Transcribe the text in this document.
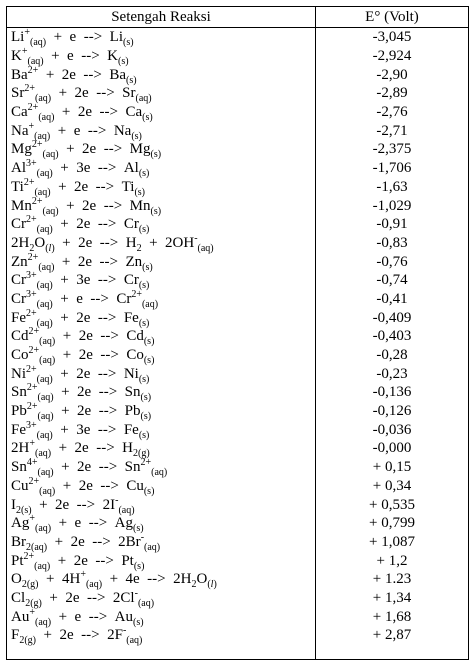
Setengah Reaksi	E° (Volt)
$Li^+_{(aq)} + e$  -->  $Li_{(s)}$	-3,045
$K^+_{(aq)} + e$  -->  $K_{(s)}$	-2,924
$Ba^{2+} + 2e$  -->  $Ba_{(s)}$	-2,90
$Sr^{2+}_{(aq)} + 2e$  -->  $Sr_{(aq)}$	-2,89
$Ca^{2+}_{(aq)} + 2e$  -->  $Ca_{(s)}$	-2,76
$Na^+_{(aq)} + e$  -->  $Na_{(s)}$	-2,71
$Mg^{2+}_{(aq)} + 2e$  -->  $Mg_{(s)}$	-2,375
$Al^{3+}_{(aq)} + 3e$  -->  $Al_{(s)}$	-1,706
$Ti^{2+}_{(aq)} + 2e$  -->  $Ti_{(s)}$	-1,63
$Mn^{2+}_{(aq)} + 2e$  -->  $Mn_{(s)}$	-1,029
$Cr^{2+}_{(aq)} + 2e$  -->  $Cr_{(s)}$	-0,91
$2H_2O_{(l)} + 2e$  -->  $H_2 + 2OH^-_{(aq)}$	-0,83
$Zn^{2+}_{(aq)} + 2e$  -->  $Zn_{(s)}$	-0,76
$Cr^{3+}_{(aq)} + 3e$  -->  $Cr_{(s)}$	-0,74
$Cr^{3+}_{(aq)} + e$  -->  $Cr^{2+}_{(aq)}$	-0,41
$Fe^{2+}_{(aq)} + 2e$  -->  $Fe_{(s)}$	-0,409
$Cd^{2+}_{(aq)} + 2e$  -->  $Cd_{(s)}$	-0,403
$Co^{2+}_{(aq)} + 2e$  -->  $Co_{(s)}$	-0,28
$Ni^{2+}_{(aq)} + 2e$  -->  $Ni_{(s)}$	-0,23
$Sn^{2+}_{(aq)} + 2e$  -->  $Sn_{(s)}$	-0,136
$Pb^{2+}_{(aq)} + 2e$  -->  $Pb_{(s)}$	-0,126
$Fe^{3+}_{(aq)} + 3e$  -->  $Fe_{(s)}$	-0,036
$2H^+_{(aq)} + 2e$  -->  $H_{2(g)}$	-0,000
$Sn^{4+}_{(aq)} + 2e$  -->  $Sn^{2+}_{(aq)}$	+ 0,15
$Cu^{2+}_{(aq)} + 2e$  -->  $Cu_{(s)}$	+ 0,34
$I_{2(s)} + 2e$  -->  $2I^-_{(aq)}$	+ 0,535
$Ag^+_{(aq)} + e$  -->  $Ag_{(s)}$	+ 0,799
$Br_{2(aq)} + 2e$  -->  $2Br^-_{(aq)}$	+ 1,087
$Pt^{2+}_{(aq)} + 2e$  -->  $Pt_{(s)}$	+ 1,2
$O_{2(g)} + 4H^+_{(aq)} + 4e$  -->  $2H_2O_{(l)}$	+ 1.23
$Cl_{2(g)} + 2e$  -->  $2Cl^-_{(aq)}$	+ 1,34
$Au^+_{(aq)} + e$  -->  $Au_{(s)}$	+ 1,68
$F_{2(g)} + 2e$  -->  $2F^-_{(aq)}$	+ 2,87
